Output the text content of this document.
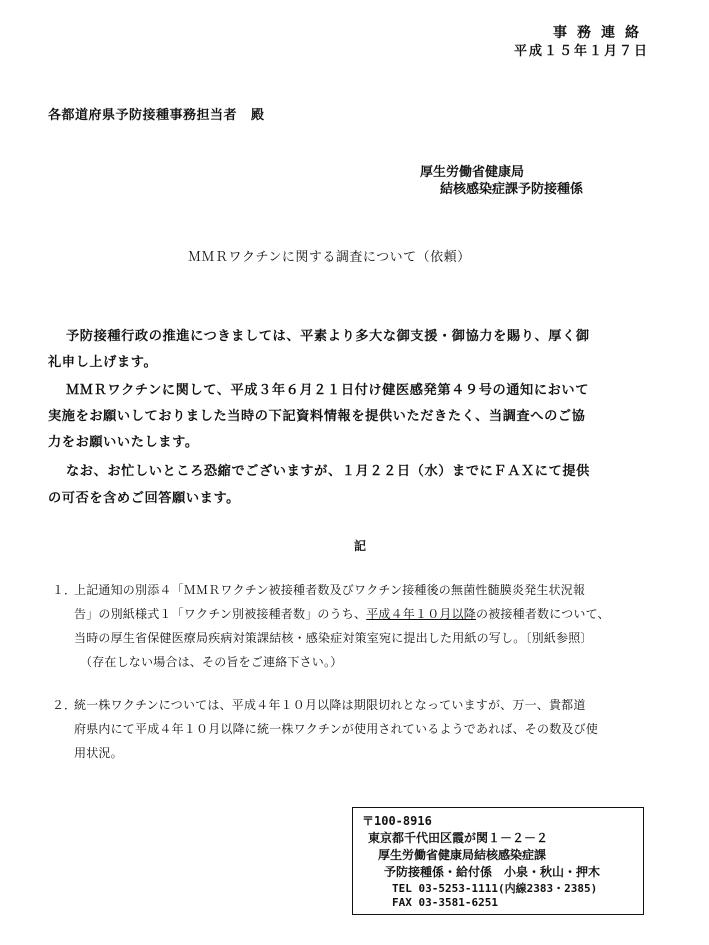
事務連絡
平成１５年１月７日
各都道府県予防接種事務担当者 殿
厚生労働省健康局
結核感染症課予防接種係
ＭＭＲワクチンに関する調査について（依頼）
予防接種行政の推進につきましては、平素より多大な御支援・御協力を賜り、厚く御
礼申し上げます。
ＭＭＲワクチンに関して、平成３年６月２１日付け健医感発第４９号の通知において
実施をお願いしておりました当時の下記資料情報を提供いただきたく、当調査へのご協
力をお願いいたします。
なお、お忙しいところ恐縮でございますが、１月２２日（水）までにＦＡＸにて提供
の可否を含めご回答願います。
記
１．
上記通知の別添４「ＭＭＲワクチン被接種者数及びワクチン接種後の無菌性髄膜炎発生状況報
告」の別紙様式１「ワクチン別被接種者数」のうち、平成４年１０月以降の被接種者数について、
当時の厚生省保健医療局疾病対策課結核・感染症対策室宛に提出した用紙の写し。〔別紙参照〕
（存在しない場合は、その旨をご連絡下さい。）
２．
統一株ワクチンについては、平成４年１０月以降は期限切れとなっていますが、万一、貴都道
府県内にて平成４年１０月以降に統一株ワクチンが使用されているようであれば、その数及び使
用状況。
〒100-8916
東京都千代田区霞が関１－２－２
厚生労働省健康局結核感染症課
予防接種係・給付係　小泉・秋山・押木
TEL 03-5253-1111(内線2383・2385)
FAX 03-3581-6251
